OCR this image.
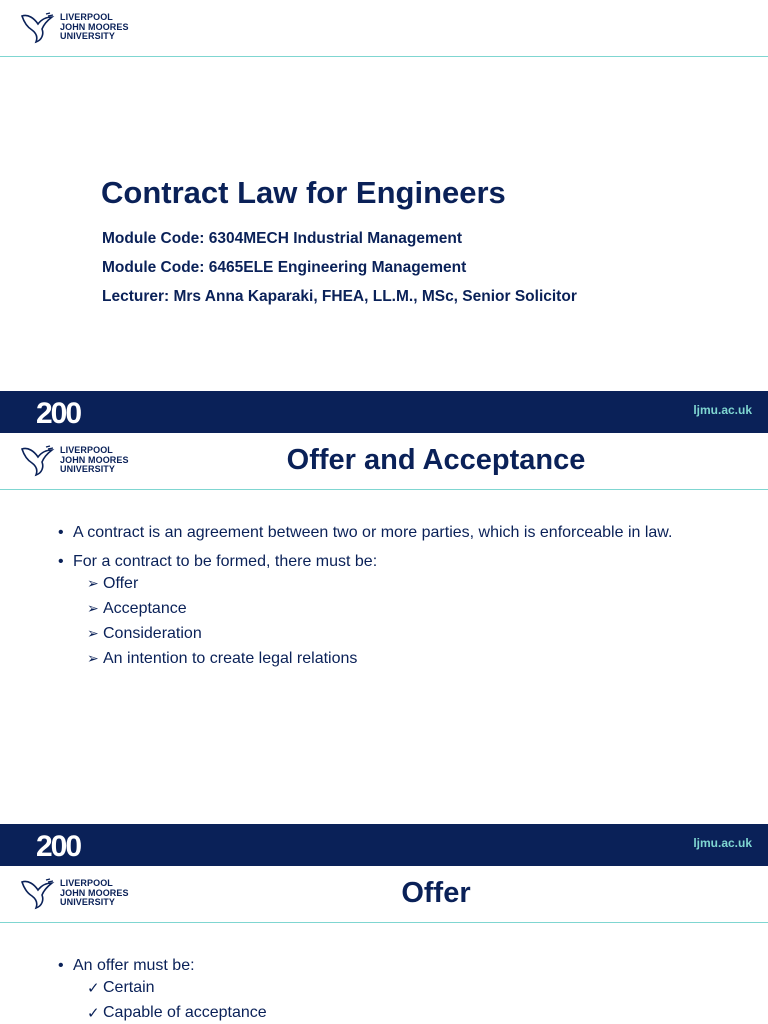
LIVERPOOL
JOHN MOORES
UNIVERSITY
Contract Law for Engineers
Module Code: 6304MECH Industrial Management
Module Code: 6465ELE Engineering Management
Lecturer: Mrs Anna Kaparaki, FHEA, LL.M., MSc, Senior Solicitor
200	ljmu.ac.uk
LIVERPOOL
JOHN MOORES
UNIVERSITY	Offer and Acceptance
• A contract is an agreement between two or more parties, which is enforceable in law.
• For a contract to be formed, there must be:
➢ Offer
➢ Acceptance
➢ Consideration
➢ An intention to create legal relations
200	ljmu.ac.uk
LIVERPOOL
JOHN MOORES
UNIVERSITY	Offer
• An offer must be:
✓ Certain
✓ Capable of acceptance
